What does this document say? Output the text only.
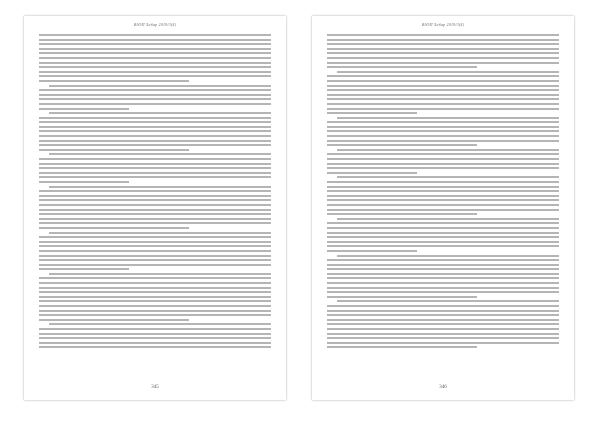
ВАЭП Хабар 2019/3(4)
345
ВАЭП Хабар 2019/3(4)
346
